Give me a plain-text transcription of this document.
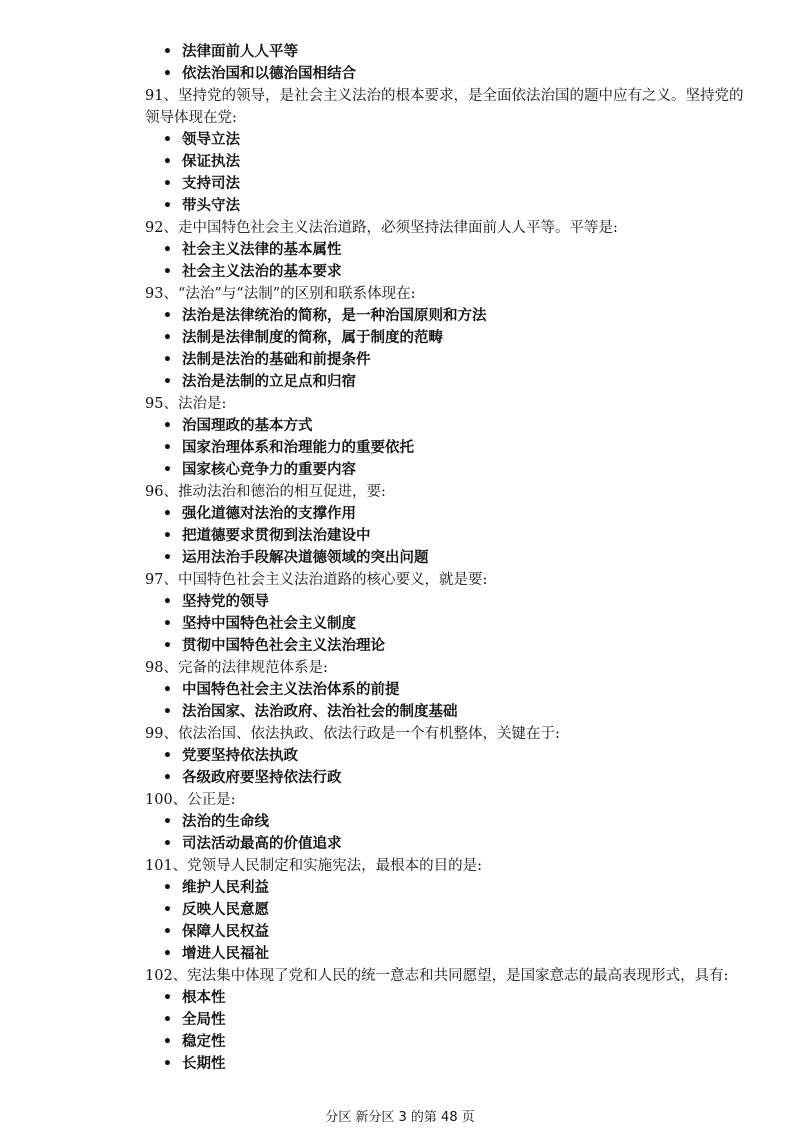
• 法律面前人人平等
• 依法治国和以德治国相结合
91、坚持党的领导，是社会主义法治的根本要求，是全面依法治国的题中应有之义。坚持党的
领导体现在党:
• 领导立法
• 保证执法
• 支持司法
• 带头守法
92、走中国特色社会主义法治道路，必须坚持法律面前人人平等。平等是:
• 社会主义法律的基本属性
• 社会主义法治的基本要求
93、“法治”与“法制”的区别和联系体现在:
• 法治是法律统治的简称，是一种治国原则和方法
• 法制是法律制度的简称，属于制度的范畴
• 法制是法治的基础和前提条件
• 法治是法制的立足点和归宿
95、法治是:
• 治国理政的基本方式
• 国家治理体系和治理能力的重要依托
• 国家核心竞争力的重要内容
96、推动法治和德治的相互促进，要:
• 强化道德对法治的支撑作用
• 把道德要求贯彻到法治建设中
• 运用法治手段解决道德领域的突出问题
97、中国特色社会主义法治道路的核心要义，就是要:
• 坚持党的领导
• 坚持中国特色社会主义制度
• 贯彻中国特色社会主义法治理论
98、完备的法律规范体系是:
• 中国特色社会主义法治体系的前提
• 法治国家、法治政府、法治社会的制度基础
99、依法治国、依法执政、依法行政是一个有机整体，关键在于:
• 党要坚持依法执政
• 各级政府要坚持依法行政
100、公正是:
• 法治的生命线
• 司法活动最高的价值追求
101、党领导人民制定和实施宪法，最根本的目的是:
• 维护人民利益
• 反映人民意愿
• 保障人民权益
• 增进人民福祉
102、宪法集中体现了党和人民的统一意志和共同愿望，是国家意志的最高表现形式，具有:
• 根本性
• 全局性
• 稳定性
• 长期性
分区 新分区 3 的第 48 页
